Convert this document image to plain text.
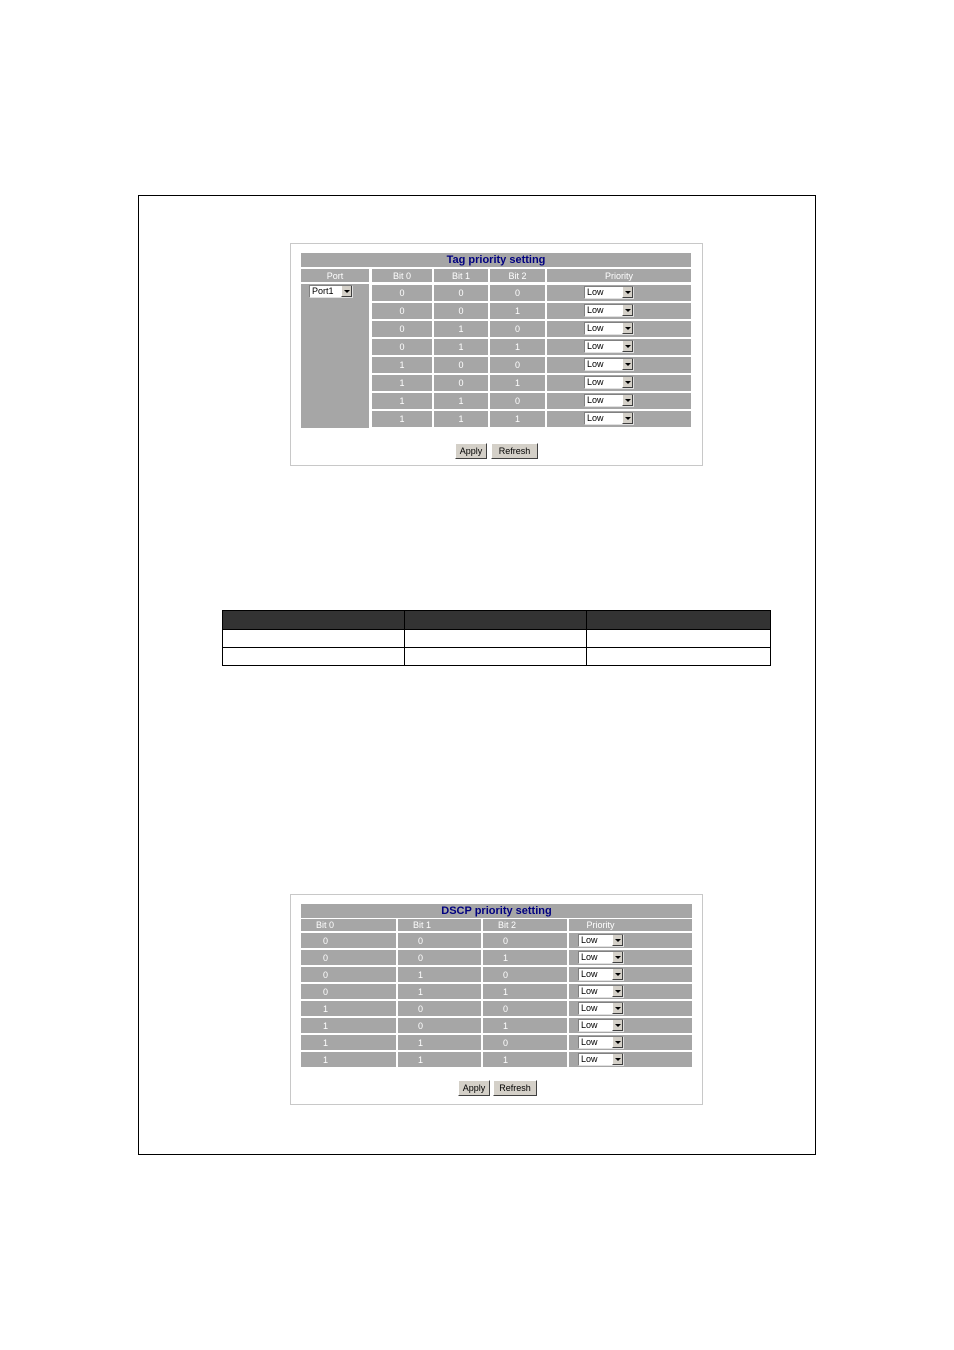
Tag priority setting
Port	Bit 0	Bit 1	Bit 2	Priority
Port1	0	0	0	Low
0	0	1	Low
0	1	0	Low
0	1	1	Low
1	0	0	Low
1	0	1	Low
1	1	0	Low
1	1	1	Low
Apply	Refresh

DSCP priority setting
Bit 0	Bit 1	Bit 2	Priority
0	0	0	Low
0	0	1	Low
0	1	0	Low
0	1	1	Low
1	0	0	Low
1	0	1	Low
1	1	0	Low
1	1	1	Low
Apply	Refresh
